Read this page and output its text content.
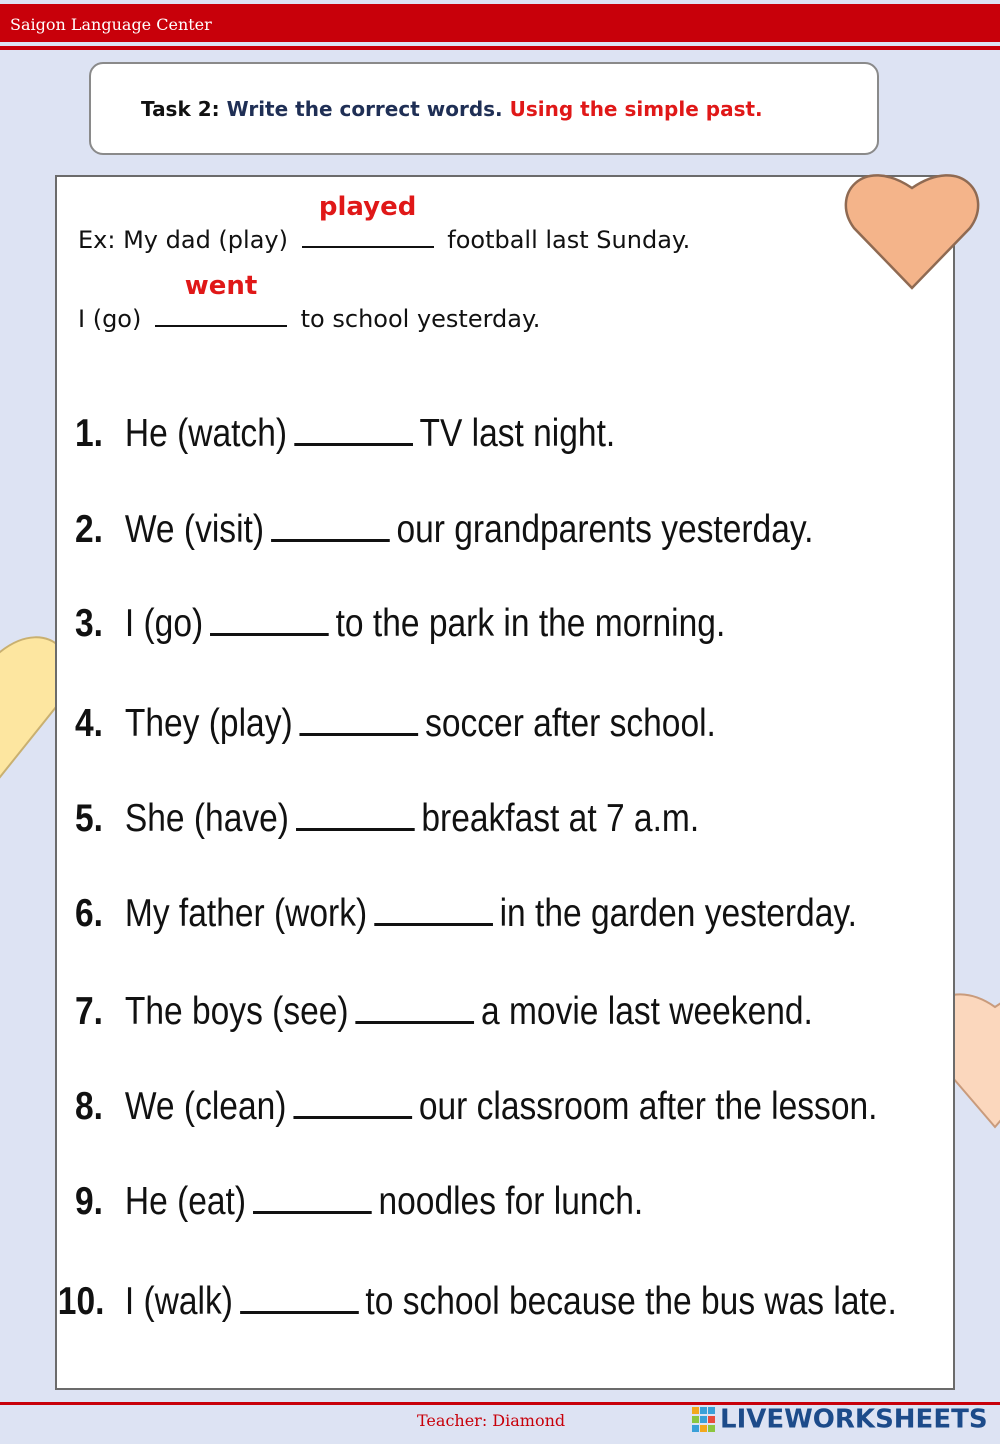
Saigon Language Center
Task 2: Write the correct words. Using the simple past.
Ex: My dad (play)
played
football last Sunday.
I (go)
went
to school yesterday.
1. He (watch)	TV last night.
2. We (visit)	our grandparents yesterday.
3. I (go)	to the park in the morning.
4. They (play)	soccer after school.
5. She (have)	breakfast at 7 a.m.
6. My father (work)	in the garden yesterday.
7. The boys (see)	a movie last weekend.
8. We (clean)	our classroom after the lesson.
9. He (eat)	noodles for lunch.
10. I (walk)	to school because the bus was late.
Teacher: Diamond	LIVEWORKSHEETS
